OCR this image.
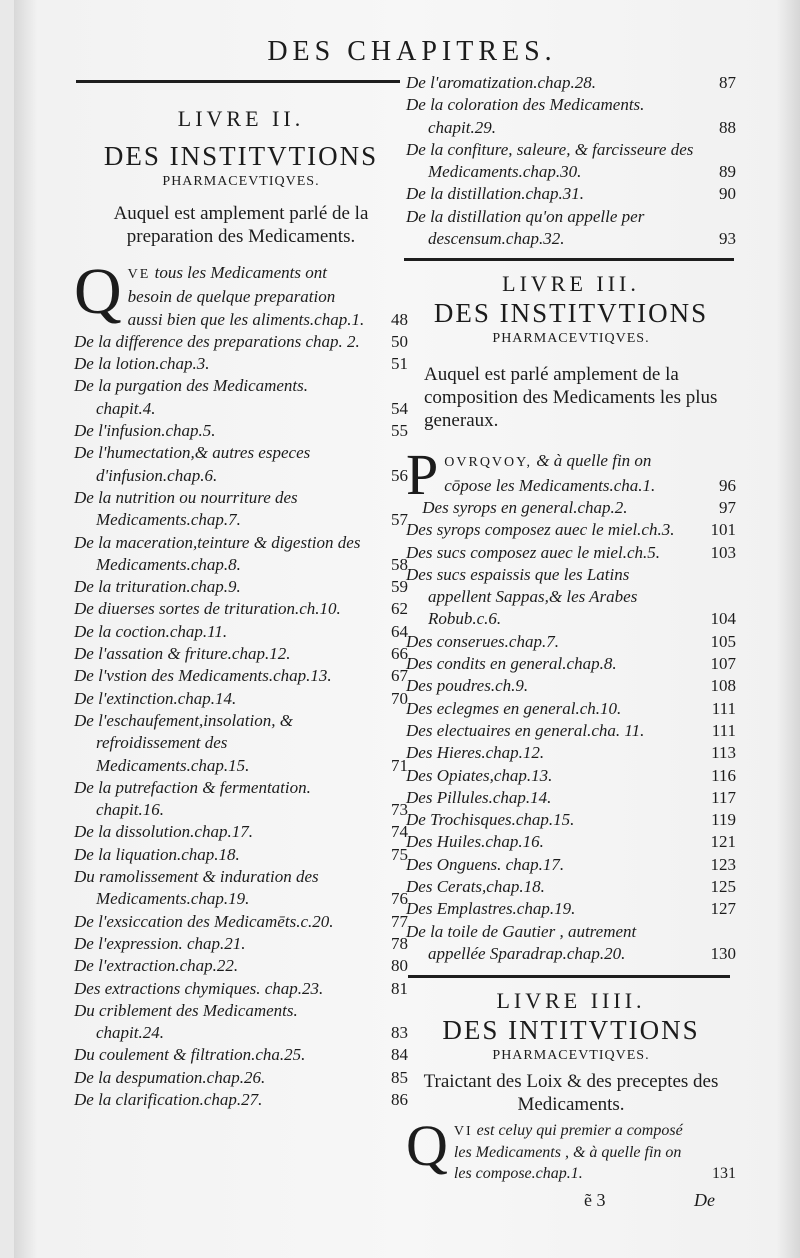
DES CHAPITRES.
LIVRE II.
DES INSTITVTIONS
PHARMACEVTIQVES.
Auquel est amplement parlé de la preparation des Medicaments.
Q VE tous les Medicaments ont besoin de quelque preparation aussi bien que les aliments.chap.1. 48
De la difference des preparations chap. 2. 50
De la lotion.chap.3.	51
De la purgation des Medicaments. chapit.4.	54
De l'infusion.chap.5.	55
De l'humectation,& autres especes d'infusion.chap.6.	56
De la nutrition ou nourriture des Medicaments.chap.7.	57
De la maceration,teinture & digestion des Medicaments.chap.8.	58
De la trituration.chap.9.	59
De diuerses sortes de trituration.ch.10.	62
De la coction.chap.11.	64
De l'assation & friture.chap.12.	66
De l'vstion des Medicaments.chap.13.	67
De l'extinction.chap.14.	70
De l'eschaufement,insolation, & refroidissement des Medicaments.chap.15.	71
De la putrefaction & fermentation. chapit.16.	73
De la dissolution.chap.17.	74
De la liquation.chap.18.	75
Du ramolissement & induration des Medicaments.chap.19.	76
De l'exsiccation des Medicamēts.c.20.	77
De l'expression. chap.21.	78
De l'extraction.chap.22.	80
Des extractions chymiques. chap.23.	81
Du criblement des Medicaments. chapit.24.	83
Du coulement & filtration.cha.25.	84
De la despumation.chap.26.	85
De la clarification.chap.27.	86
De l'aromatization.chap.28.	87
De la coloration des Medicaments. chapit.29.	88
De la confiture, saleure, & farcisseure des Medicaments.chap.30.	89
De la distillation.chap.31.	90
De la distillation qu'on appelle per descensum.chap.32.	93
LIVRE III.
DES INSTITVTIONS
PHARMACEVTIQVES.
Auquel est parlé amplement de la composition des Medicaments les plus generaux.
P OVRQVOY, & à quelle fin on cōpose les Medicaments.cha.1.	96
Des syrops en general.chap.2.	97
Des syrops composez auec le miel.ch.3. 101
Des sucs composez auec le miel.ch.5.	103
Des sucs espaissis que les Latins appellent Sappas,& les Arabes Robub.c.6.	104
Des conserues.chap.7.	105
Des condits en general.chap.8.	107
Des poudres.ch.9.	108
Des eclegmes en general.ch.10.	111
Des electuaires en general.cha. 11.	111
Des Hieres.chap.12.	113
Des Opiates,chap.13.	116
Des Pillules.chap.14.	117
De Trochisques.chap.15.	119
Des Huiles.chap.16.	121
Des Onguens. chap.17.	123
Des Cerats,chap.18.	125
Des Emplastres.chap.19.	127
De la toile de Gautier , autrement appellée Sparadrap.chap.20.	130
LIVRE IIII.
DES INTITVTIONS
PHARMACEVTIQVES.
Traictant des Loix & des preceptes des Medicaments.
Q VI est celuy qui premier a composé les Medicaments , & à quelle fin on les compose.chap.1.	131
ẽ 3	De
